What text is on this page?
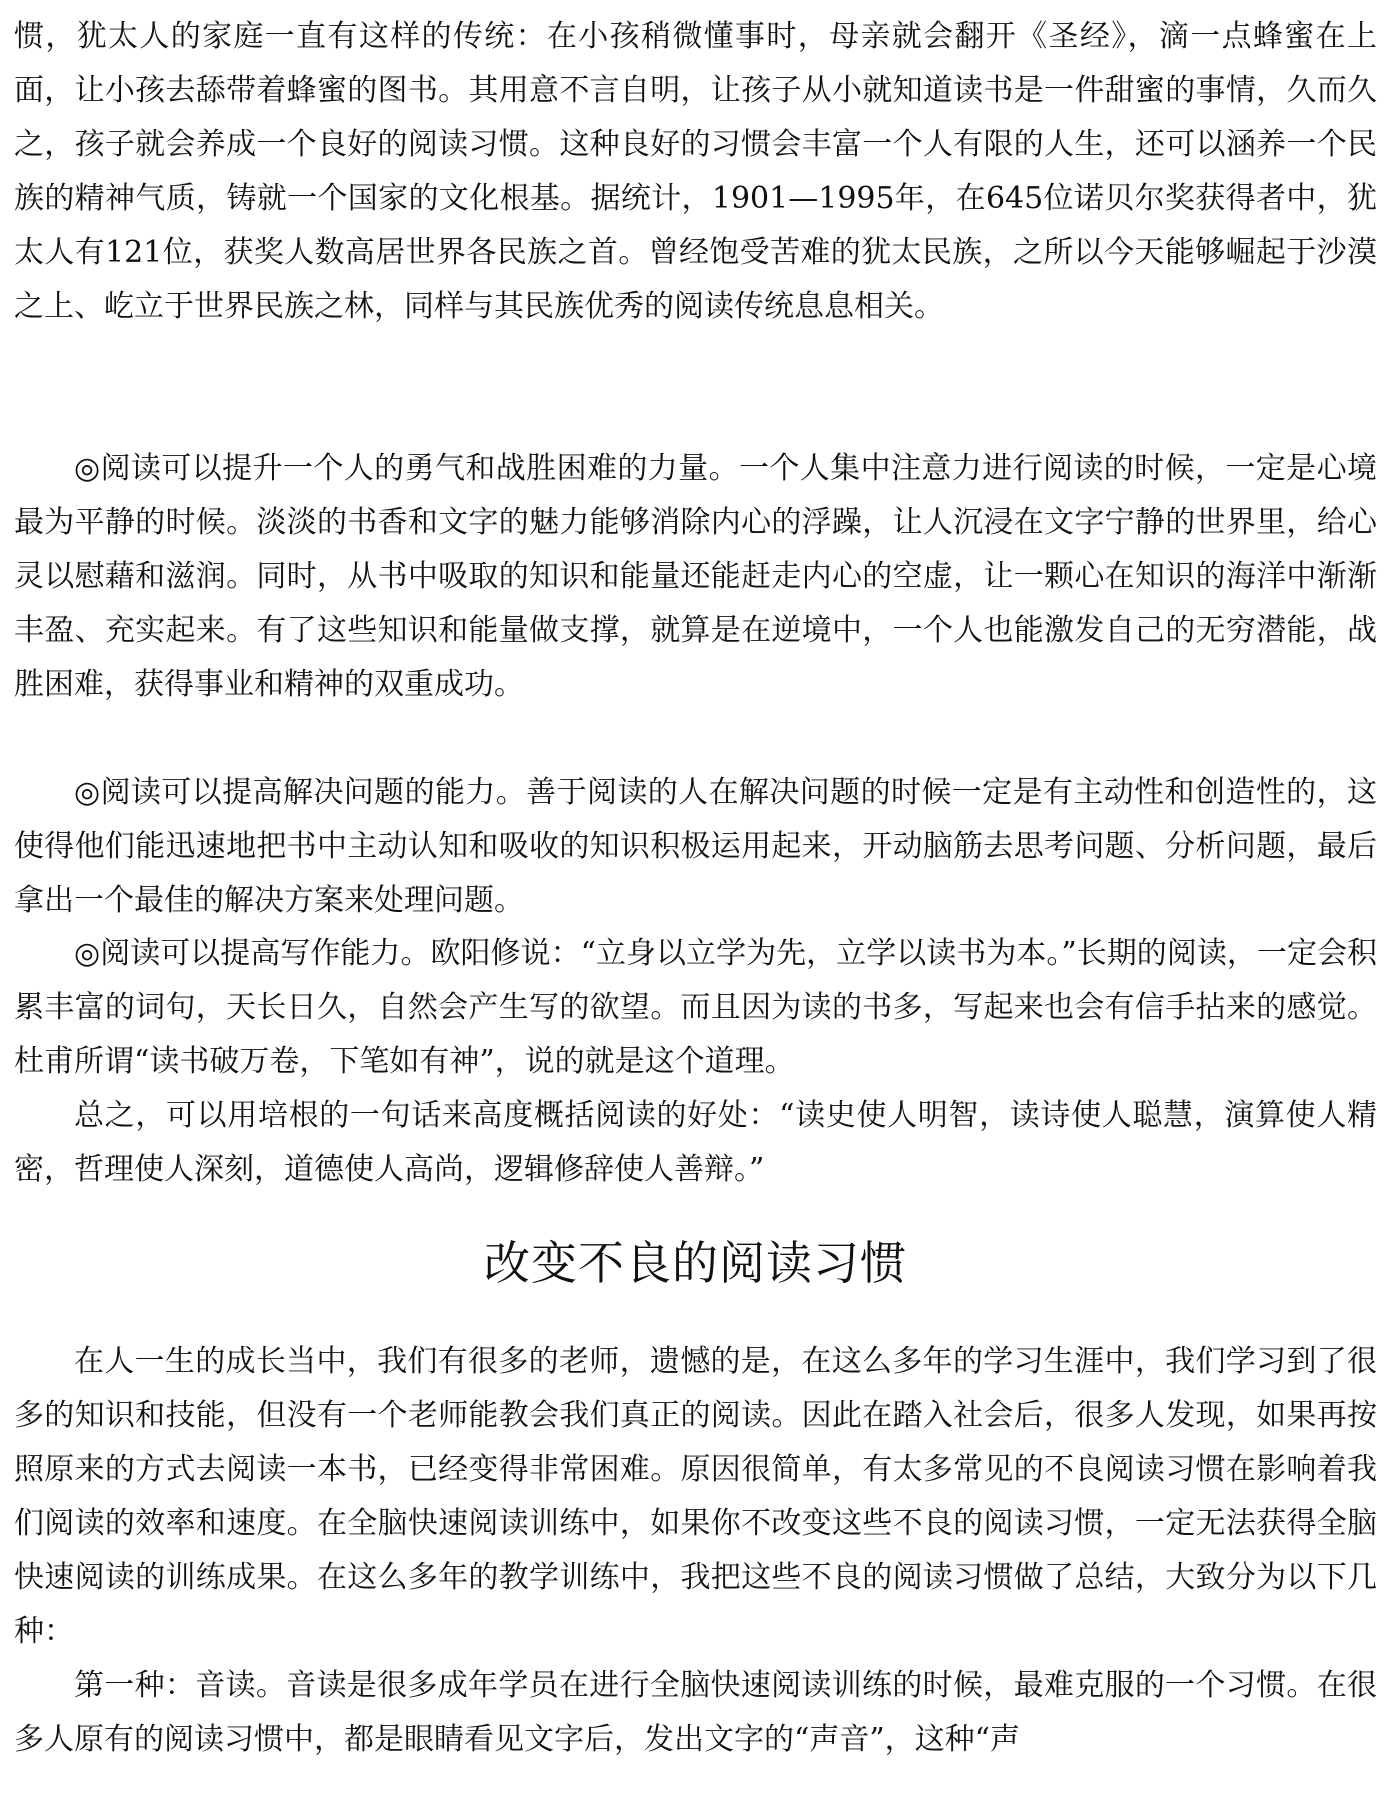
惯，犹太人的家庭一直有这样的传统：在小孩稍微懂事时，母亲就会翻开《圣经》，滴一点蜂蜜在上面，让小孩去舔带着蜂蜜的图书。其用意不言自明，让孩子从小就知道读书是一件甜蜜的事情，久而久之，孩子就会养成一个良好的阅读习惯。这种良好的习惯会丰富一个人有限的人生，还可以涵养一个民族的精神气质，铸就一个国家的文化根基。据统计，1901—1995年，在645位诺贝尔奖获得者中，犹太人有121位，获奖人数高居世界各民族之首。曾经饱受苦难的犹太民族，之所以今天能够崛起于沙漠之上、屹立于世界民族之林，同样与其民族优秀的阅读传统息息相关。

◎阅读可以提升一个人的勇气和战胜困难的力量。一个人集中注意力进行阅读的时候，一定是心境最为平静的时候。淡淡的书香和文字的魅力能够消除内心的浮躁，让人沉浸在文字宁静的世界里，给心灵以慰藉和滋润。同时，从书中吸取的知识和能量还能赶走内心的空虚，让一颗心在知识的海洋中渐渐丰盈、充实起来。有了这些知识和能量做支撑，就算是在逆境中，一个人也能激发自己的无穷潜能，战胜困难，获得事业和精神的双重成功。

◎阅读可以提高解决问题的能力。善于阅读的人在解决问题的时候一定是有主动性和创造性的，这使得他们能迅速地把书中主动认知和吸收的知识积极运用起来，开动脑筋去思考问题、分析问题，最后拿出一个最佳的解决方案来处理问题。

◎阅读可以提高写作能力。欧阳修说：“立身以立学为先，立学以读书为本。”长期的阅读，一定会积累丰富的词句，天长日久，自然会产生写的欲望。而且因为读的书多，写起来也会有信手拈来的感觉。杜甫所谓“读书破万卷，下笔如有神”，说的就是这个道理。

总之，可以用培根的一句话来高度概括阅读的好处：“读史使人明智，读诗使人聪慧，演算使人精密，哲理使人深刻，道德使人高尚，逻辑修辞使人善辩。”

改变不良的阅读习惯

在人一生的成长当中，我们有很多的老师，遗憾的是，在这么多年的学习生涯中，我们学习到了很多的知识和技能，但没有一个老师能教会我们真正的阅读。因此在踏入社会后，很多人发现，如果再按照原来的方式去阅读一本书，已经变得非常困难。原因很简单，有太多常见的不良阅读习惯在影响着我们阅读的效率和速度。在全脑快速阅读训练中，如果你不改变这些不良的阅读习惯，一定无法获得全脑快速阅读的训练成果。在这么多年的教学训练中，我把这些不良的阅读习惯做了总结，大致分为以下几种：

第一种：音读。音读是很多成年学员在进行全脑快速阅读训练的时候，最难克服的一个习惯。在很多人原有的阅读习惯中，都是眼睛看见文字后，发出文字的“声音”，这种“声
